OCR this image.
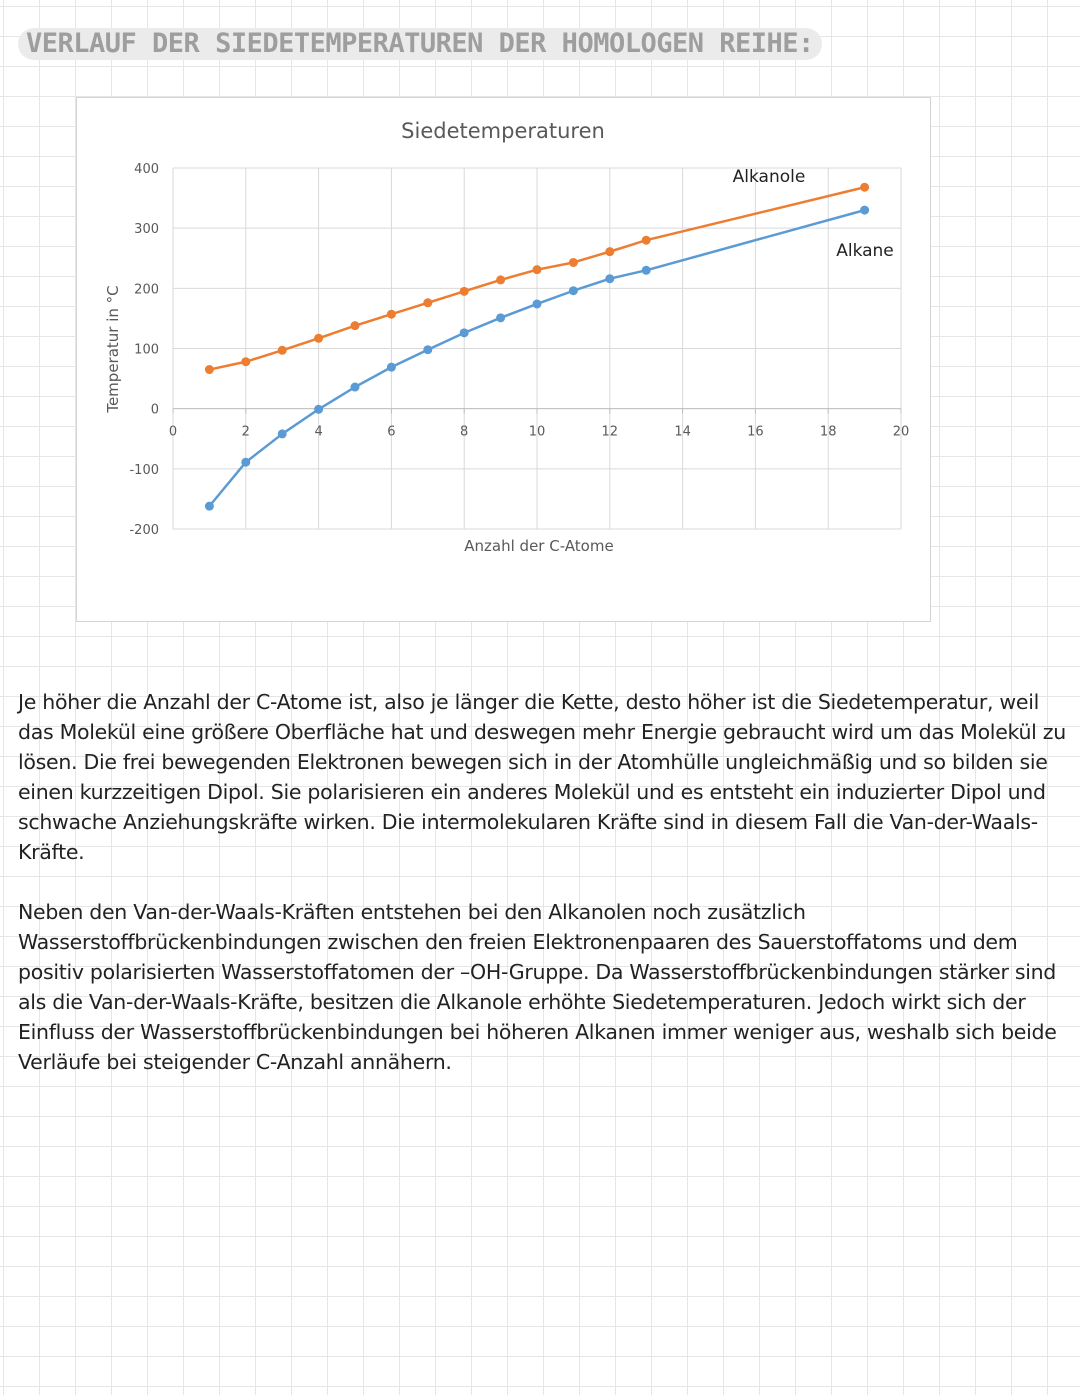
VERLAUF DER SIEDETEMPERATUREN DER HOMOLOGEN REIHE:
-200
-100
0
100
200
300
400
0	2	4	6	8	10	12	14	16	18	20
Siedetemperaturen
Anzahl der C-Atome
Temperatur in °C
Alkanole
Alkane

Je höher die Anzahl der C-Atome ist, also je länger die Kette, desto höher ist die Siedetemperatur, weil das Molekül eine größere Oberfläche hat und deswegen mehr Energie gebraucht wird um das Molekül zu lösen. Die frei bewegenden Elektronen bewegen sich in der Atomhülle ungleichmäßig und so bilden sie einen kurzzeitigen Dipol. Sie polarisieren ein anderes Molekül und es entsteht ein induzierter Dipol und schwache Anziehungskräfte wirken. Die intermolekularen Kräfte sind in diesem Fall die Van-der-Waals-Kräfte.

Neben den Van-der-Waals-Kräften entstehen bei den Alkanolen noch zusätzlich Wasserstoffbrückenbindungen zwischen den freien Elektronenpaaren des Sauerstoffatoms und dem positiv polarisierten Wasserstoffatomen der –OH-Gruppe. Da Wasserstoffbrückenbindungen stärker sind als die Van-der-Waals-Kräfte, besitzen die Alkanole erhöhte Siedetemperaturen. Jedoch wirkt sich der Einfluss der Wasserstoffbrückenbindungen bei höheren Alkanen immer weniger aus, weshalb sich beide Verläufe bei steigender C-Anzahl annähern.
